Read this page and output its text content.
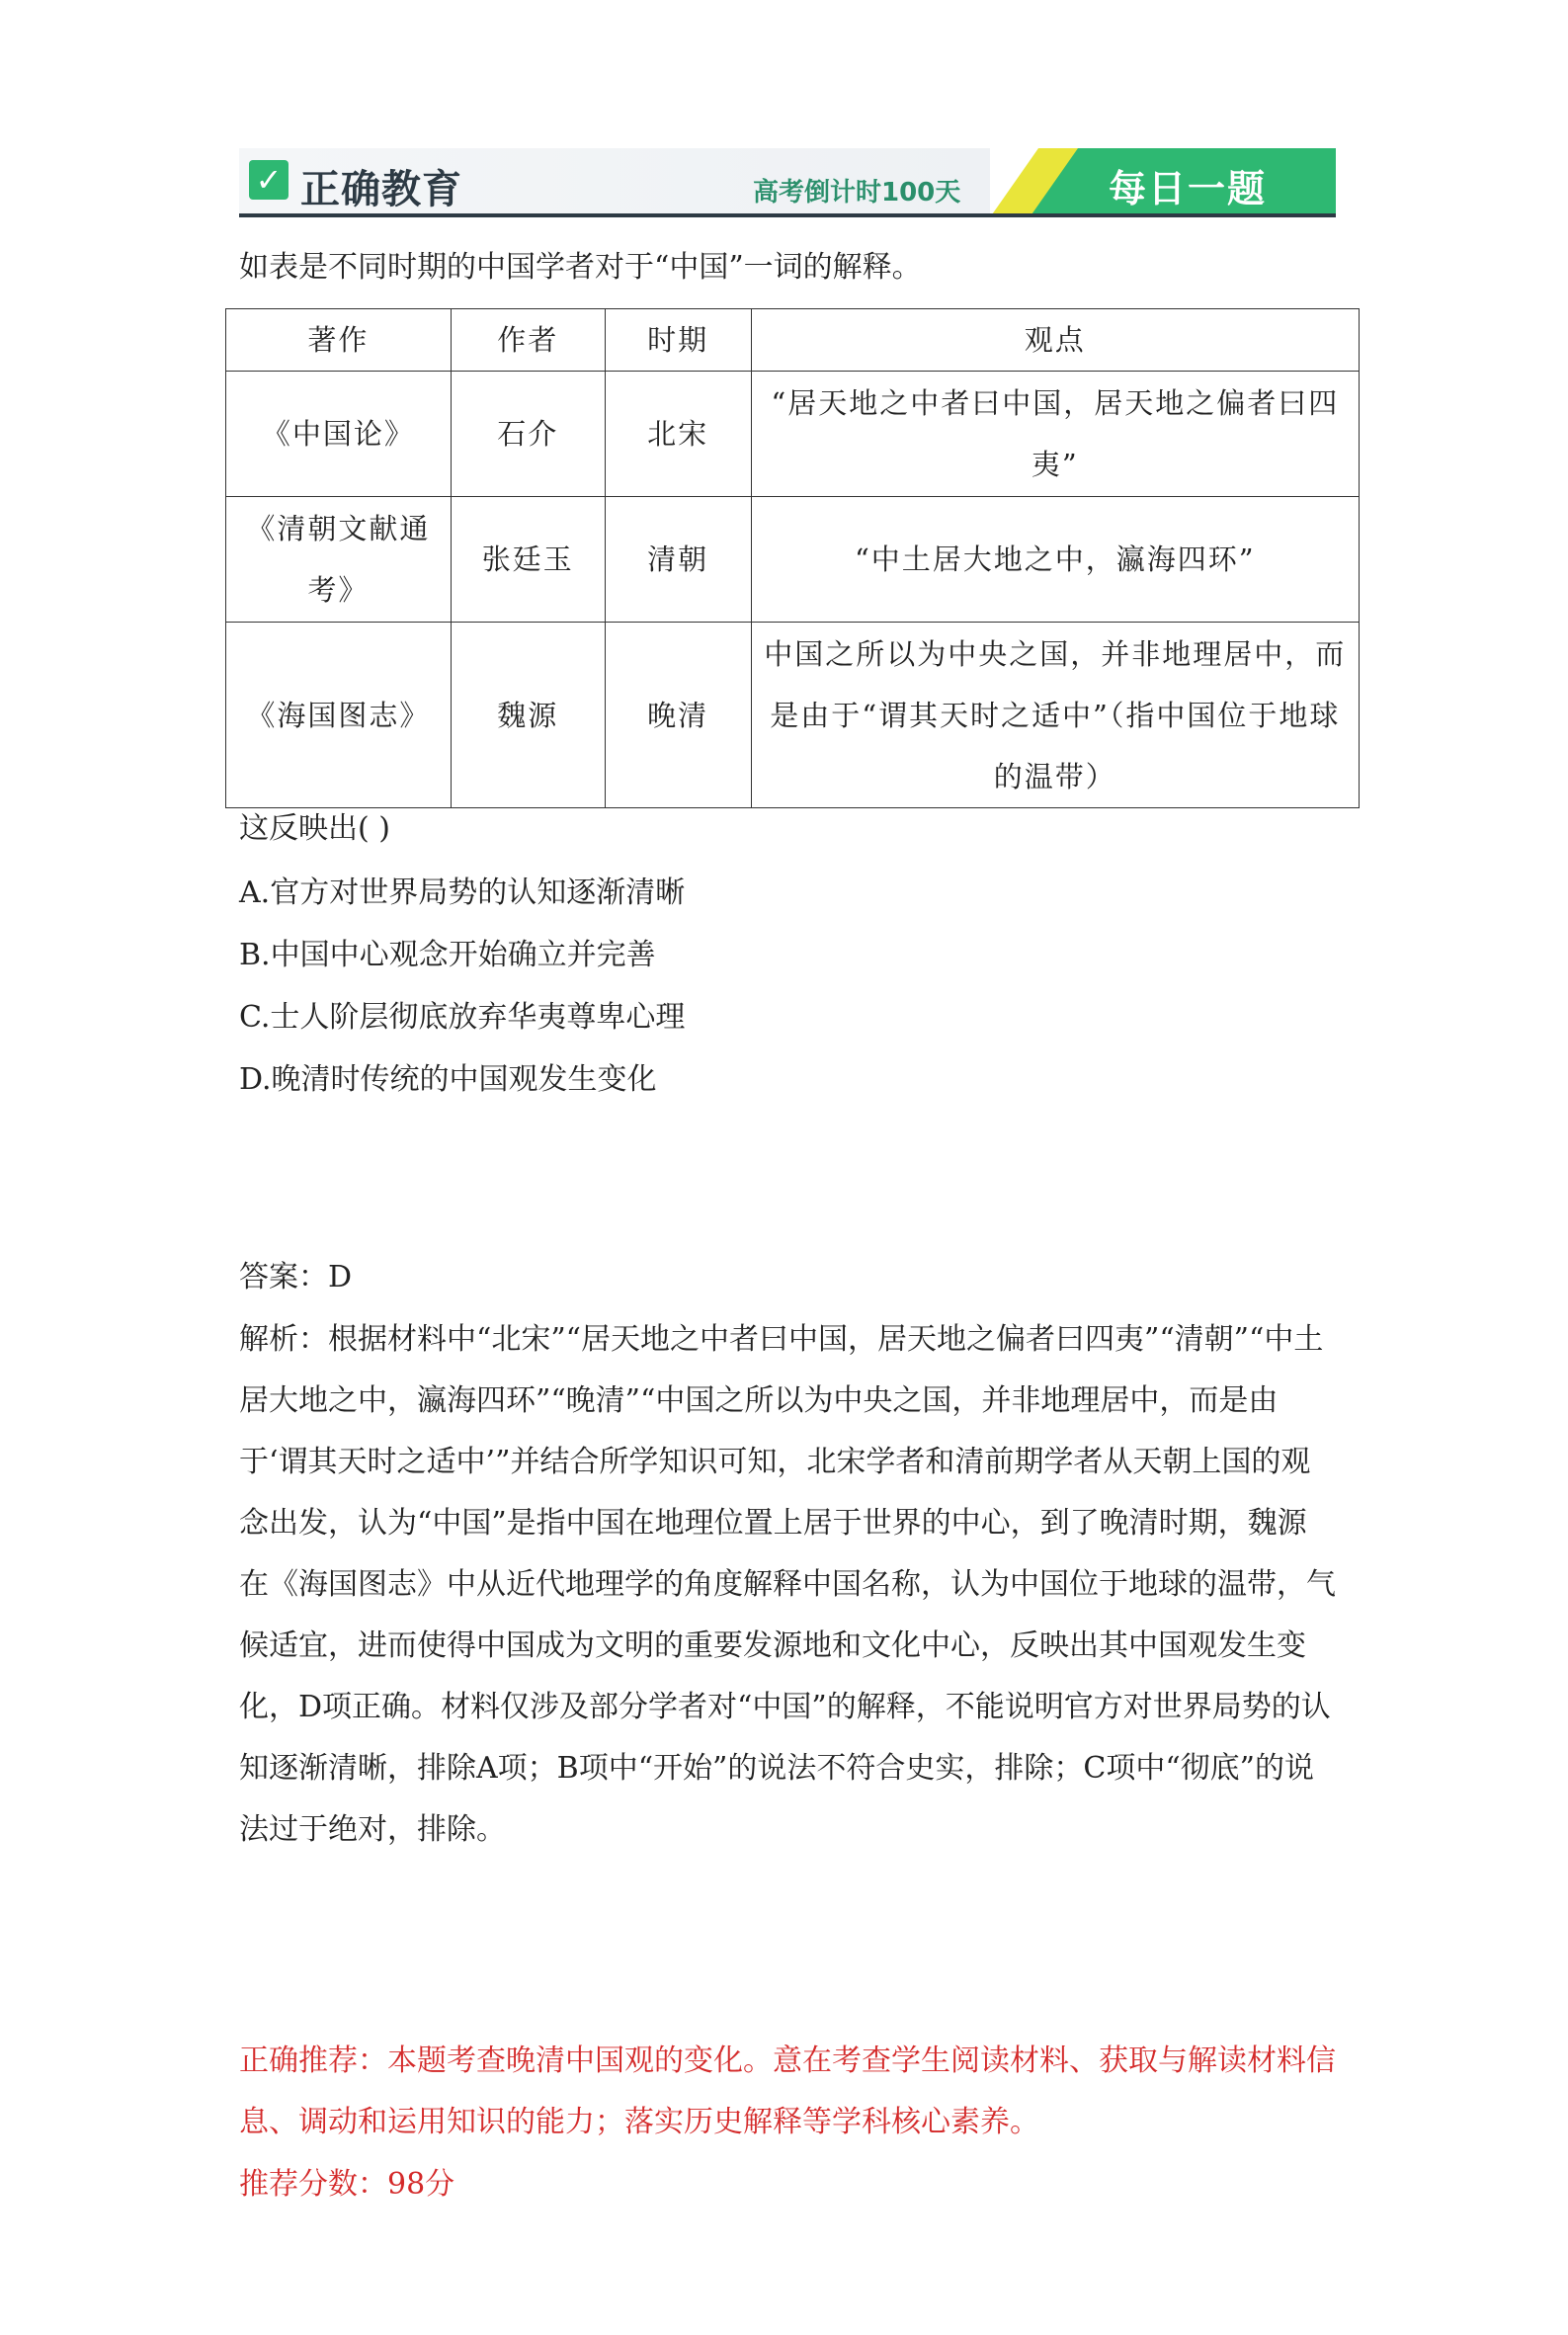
✓ 正确教育	高考倒计时100天	每日一题
如表是不同时期的中国学者对于“中国”一词的解释。
著作	作者	时期	观点
《中国论》	石介	北宋	“居天地之中者曰中国，居天地之偏者曰四夷”
《清朝文献通考》	张廷玉	清朝	“中土居大地之中，瀛海四环”
《海国图志》	魏源	晚清	中国之所以为中央之国，并非地理居中，而是由于“谓其天时之适中”（指中国位于地球的温带）
这反映出( )
A.官方对世界局势的认知逐渐清晰
B.中国中心观念开始确立并完善
C.士人阶层彻底放弃华夷尊卑心理
D.晚清时传统的中国观发生变化
答案：D
解析：根据材料中“北宋”“居天地之中者曰中国，居天地之偏者曰四夷”“清朝”“中土居大地之中，瀛海四环”“晚清”“中国之所以为中央之国，并非地理居中，而是由于‘谓其天时之适中’”并结合所学知识可知，北宋学者和清前期学者从天朝上国的观念出发，认为“中国”是指中国在地理位置上居于世界的中心，到了晚清时期，魏源在《海国图志》中从近代地理学的角度解释中国名称，认为中国位于地球的温带，气候适宜，进而使得中国成为文明的重要发源地和文化中心，反映出其中国观发生变化，D项正确。材料仅涉及部分学者对“中国”的解释，不能说明官方对世界局势的认知逐渐清晰，排除A项；B项中“开始”的说法不符合史实，排除；C项中“彻底”的说法过于绝对，排除。
正确推荐：本题考查晚清中国观的变化。意在考查学生阅读材料、获取与解读材料信息、调动和运用知识的能力；落实历史解释等学科核心素养。
推荐分数：98分
